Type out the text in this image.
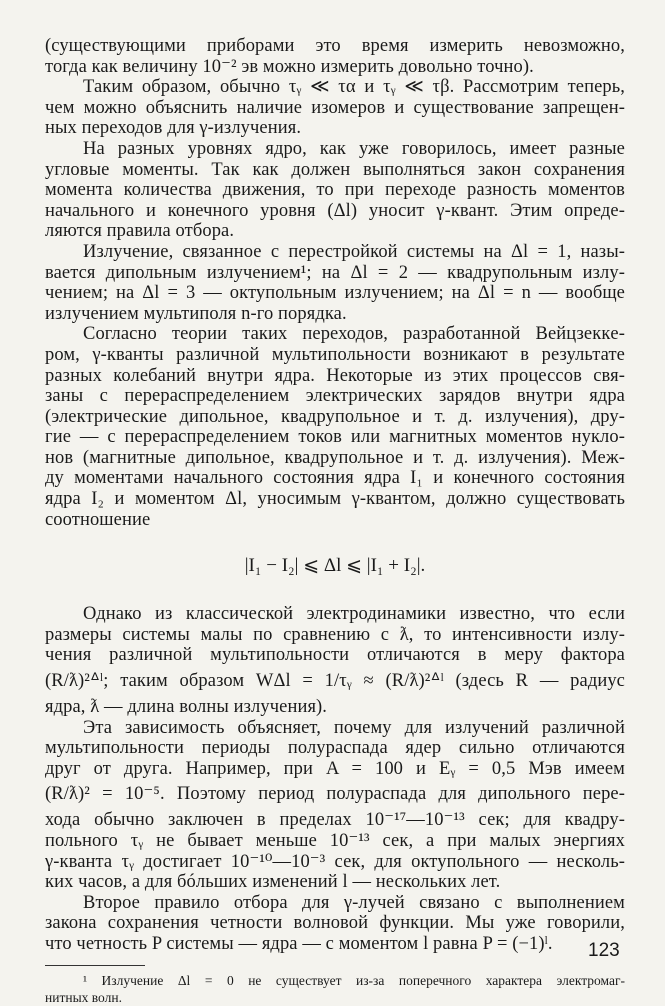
(существующими приборами это время измерить невозможно,
тогда как величину 10⁻² эв можно измерить довольно точно).
Таким образом, обычно τᵧ ≪ τα и τᵧ ≪ τβ. Рассмотрим теперь,
чем можно объяснить наличие изомеров и существование запрещен-
ных переходов для γ-излучения.
На разных уровнях ядро, как уже говорилось, имеет разные
угловые моменты. Так как должен выполняться закон сохранения
момента количества движения, то при переходе разность моментов
начального и конечного уровня (Δl) уносит γ-квант. Этим опреде-
ляются правила отбора.
Излучение, связанное с перестройкой системы на Δl = 1, назы-
вается дипольным излучением¹; на Δl = 2 — квадрупольным излу-
чением; на Δl = 3 — октупольным излучением; на Δl = n — вообще
излучением мультиполя n-го порядка.
Согласно теории таких переходов, разработанной Вейцзеккe-
ром, γ-кванты различной мультипольности возникают в результате
разных колебаний внутри ядра. Некоторые из этих процессов свя-
заны с перераспределением электрических зарядов внутри ядра
(электрические дипольное, квадрупольное и т. д. излучения), дру-
гие — с перераспределением токов или магнитных моментов нукло-
нов (магнитные дипольное, квадрупольное и т. д. излучения). Меж-
ду моментами начального состояния ядра I₁ и конечного состояния
ядра I₂ и моментом Δl, уносимым γ-квантом, должно существовать
соотношение
|I₁ − I₂| ⩽ Δl ⩽ |I₁ + I₂|.
Однако из классической электродинамики известно, что если
размеры системы малы по сравнению с ƛ, то интенсивности излу-
чения различной мультипольности отличаются в меру фактора
(R/ƛ)²ᐞˡ; таким образом WΔl = 1/τᵧ ≈ (R/ƛ)²ᐞˡ (здесь R — радиус
ядра, ƛ — длина волны излучения).
Эта зависимость объясняет, почему для излучений различной
мультипольности периоды полураспада ядер сильно отличаются
друг от друга. Например, при A = 100 и Eᵧ = 0,5 Мэв имеем
(R/ƛ)² = 10⁻⁵. Поэтому период полураспада для дипольного пере-
хода обычно заключен в пределах 10⁻¹⁷—10⁻¹³ сек; для квадру-
польного τᵧ не бывает меньше 10⁻¹³ сек, а при малых энергиях
γ-кванта τᵧ достигает 10⁻¹⁰—10⁻³ сек, для октупольного — несколь-
ких часов, а для бóльших изменений l — нескольких лет.
Второе правило отбора для γ-лучей связано с выполнением
закона сохранения четности волновой функции. Мы уже говорили,
что четность P системы — ядра — с моментом l равна P = (−1)ˡ.
¹ Излучение Δl = 0 не существует из-за поперечного характера электромаг-
нитных волн.
123
